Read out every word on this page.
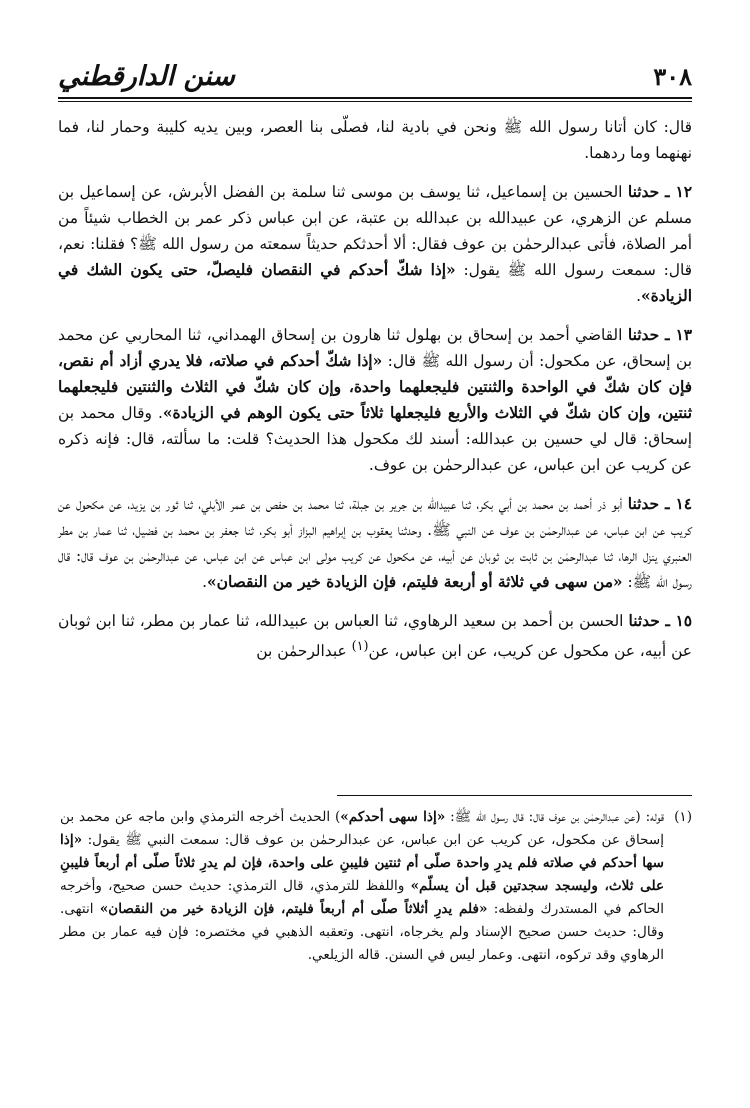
٣٠٨
سنن الدارقطني

قال: كان أتانا رسول الله ﷺ ونحن في بادية لنا، فصلّى بنا العصر، وبين يديه كليبة وحمار لنا، فما نهنهما وما ردهما.

١٢ ـ حدثنا الحسين بن إسماعيل، ثنا يوسف بن موسى ثنا سلمة بن الفضل الأبرش، عن إسماعيل بن مسلم عن الزهري، عن عبيدالله بن عبدالله بن عتبة، عن ابن عباس ذكر عمر بن الخطاب شيئاً من أمر الصلاة، فأتى عبدالرحمٰن بن عوف فقال: ألا أحدثكم حديثاً سمعته من رسول الله ﷺ؟ فقلنا: نعم، قال: سمعت رسول الله ﷺ يقول: «إذا شكّ أحدكم في النقصان فليصلّ، حتى يكون الشك في الزيادة».

١٣ ـ حدثنا القاضي أحمد بن إسحاق بن بهلول ثنا هارون بن إسحاق الهمداني، ثنا المحاربي عن محمد بن إسحاق، عن مكحول: أن رسول الله ﷺ قال: «إذا شكّ أحدكم في صلاته، فلا يدري أزاد أم نقص، فإن كان شكّ في الواحدة والثنتين فليجعلهما واحدة، وإن كان شكّ في الثلاث والثنتين فليجعلهما ثنتين، وإن كان شكّ في الثلاث والأربع فليجعلها ثلاثاً حتى يكون الوهم في الزيادة». وقال محمد بن إسحاق: قال لي حسين بن عبدالله: أسند لك مكحول هذا الحديث؟ قلت: ما سألته، قال: فإنه ذكره عن كريب عن ابن عباس، عن عبدالرحمٰن بن عوف.

١٤ ـ حدثنا أبو ذر أحمد بن محمد بن أبي بكر، ثنا عبيدالله بن جرير بن جبلة، ثنا محمد بن حفص بن عمر الأبلي، ثنا ثور بن يزيد، عن مكحول عن كريب عن ابن عباس، عن عبدالرحمٰن بن عوف عن النبي ﷺ. وحدثنا يعقوب بن إبراهيم البزاز أبو بكر، ثنا جعفر بن محمد بن فضيل، ثنا عمار بن مطر العنبري ينزل الرها، ثنا عبدالرحمٰن بن ثابت بن ثوبان عن أبيه، عن مكحول عن كريب مولى ابن عباس عن ابن عباس، عن عبدالرحمٰن بن عوف قال: قال رسول الله ﷺ: «من سهى في ثلاثة أو أربعة فليتم، فإن الزيادة خير من النقصان».

١٥ ـ حدثنا الحسن بن أحمد بن سعيد الرهاوي، ثنا العباس بن عبيدالله، ثنا عمار بن مطر، ثنا ابن ثوبان عن أبيه، عن مكحول عن كريب، عن ابن عباس، عن$^{(١)}$ عبدالرحمٰن بن

(١)
قوله: (عن عبدالرحمٰن بن عوف قال: قال رسول الله ﷺ: «إذا سهى أحدكم») الحديث أخرجه الترمذي وابن ماجه عن محمد بن إسحاق عن مكحول، عن كريب عن ابن عباس، عن عبدالرحمٰن بن عوف قال: سمعت النبي ﷺ يقول: «إذا سها أحدكم في صلاته فلم يدرِ واحدة صلّى أم ثنتين فليبنِ على واحدة، فإن لم يدرِ ثلاثاً صلّى أم أربعاً فليبنِ على ثلاث، وليسجد سجدتين قبل أن يسلّم» واللفظ للترمذي، قال الترمذي: حديث حسن صحيح، وأخرجه الحاكم في المستدرك ولفظه: «فلم يدرِ أثلاثاً صلّى أم أربعاً فليتم، فإن الزيادة خير من النقصان» انتهى. وقال: حديث حسن صحيح الإسناد ولم يخرجاه، انتهى. وتعقبه الذهبي في مختصره: فإن فيه عمار بن مطر الرهاوي وقد تركوه، انتهى. وعمار ليس في السنن. قاله الزيلعي.
